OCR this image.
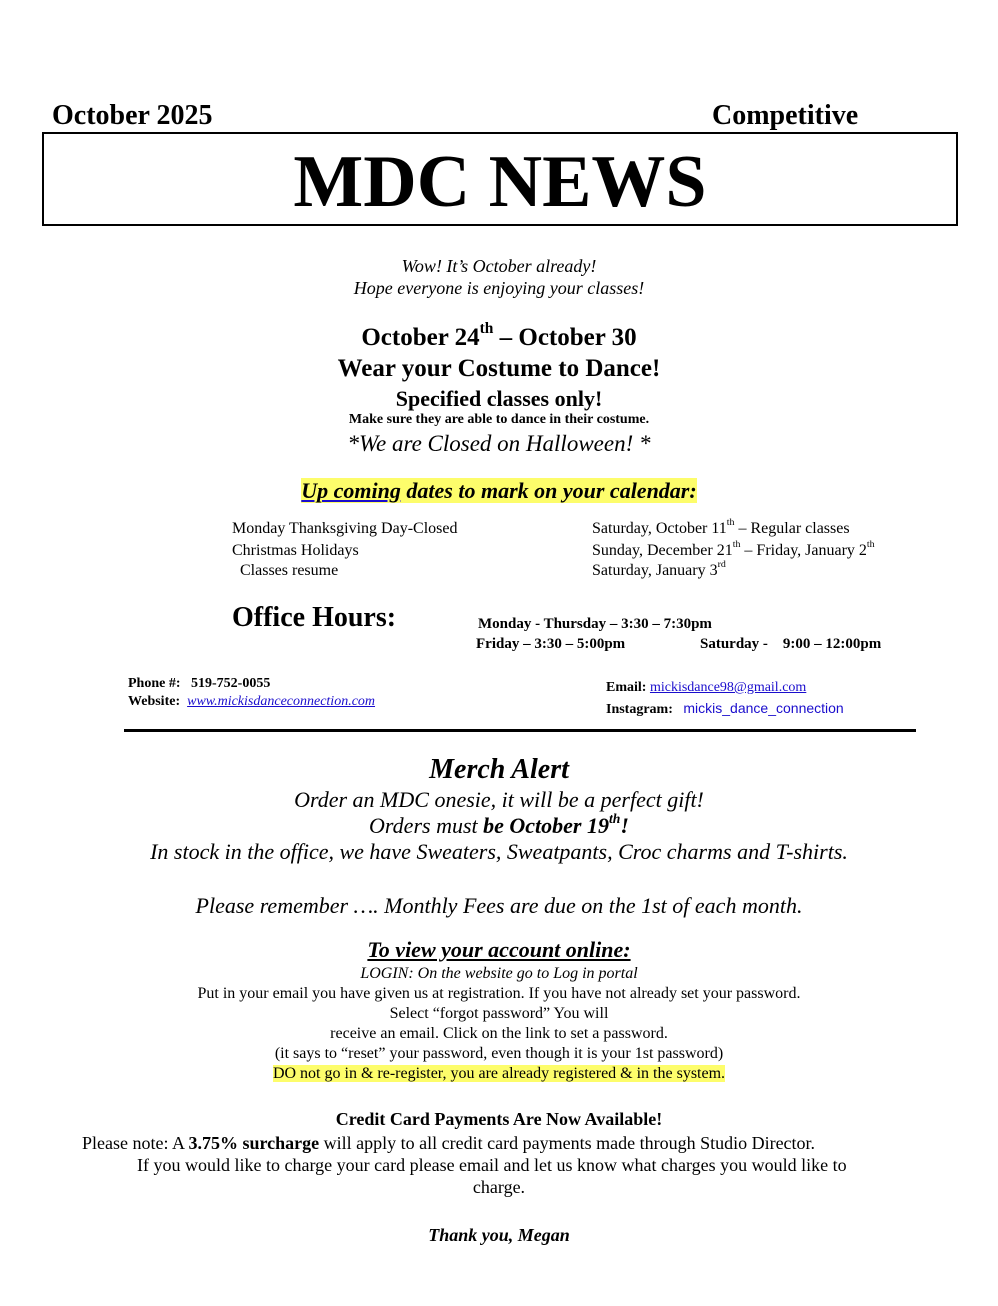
October 2025	Competitive
MDC NEWS
Wow! It’s October already!
Hope everyone is enjoying your classes!
October 24th – October 30
Wear your Costume to Dance!
Specified classes only!
Make sure they are able to dance in their costume.
*We are Closed on Halloween! *
Up coming dates to mark on your calendar:
Monday Thanksgiving Day-Closed	Saturday, October 11th – Regular classes
Christmas Holidays	Sunday, December 21th – Friday, January 2th
Classes resume	Saturday, January 3rd
Office Hours:	Monday - Thursday – 3:30 – 7:30pm
Friday – 3:30 – 5:00pm	Saturday -    9:00 – 12:00pm
Phone #: 519-752-0055
Website: www.mickisdanceconnection.com
Email: mickisdance98@gmail.com
Instagram: mickis_dance_connection
Merch Alert
Order an MDC onesie, it will be a perfect gift!
Orders must be October 19th!
In stock in the office, we have Sweaters, Sweatpants, Croc charms and T-shirts.
Please remember …. Monthly Fees are due on the 1st of each month.
To view your account online:
LOGIN: On the website go to Log in portal
Put in your email you have given us at registration. If you have not already set your password.
Select “forgot password” You will
receive an email. Click on the link to set a password.
(it says to “reset” your password, even though it is your 1st password)
DO not go in & re-register, you are already registered & in the system.
Credit Card Payments Are Now Available!
Please note: A 3.75% surcharge will apply to all credit card payments made through Studio Director.
If you would like to charge your card please email and let us know what charges you would like to
charge.
Thank you, Megan
